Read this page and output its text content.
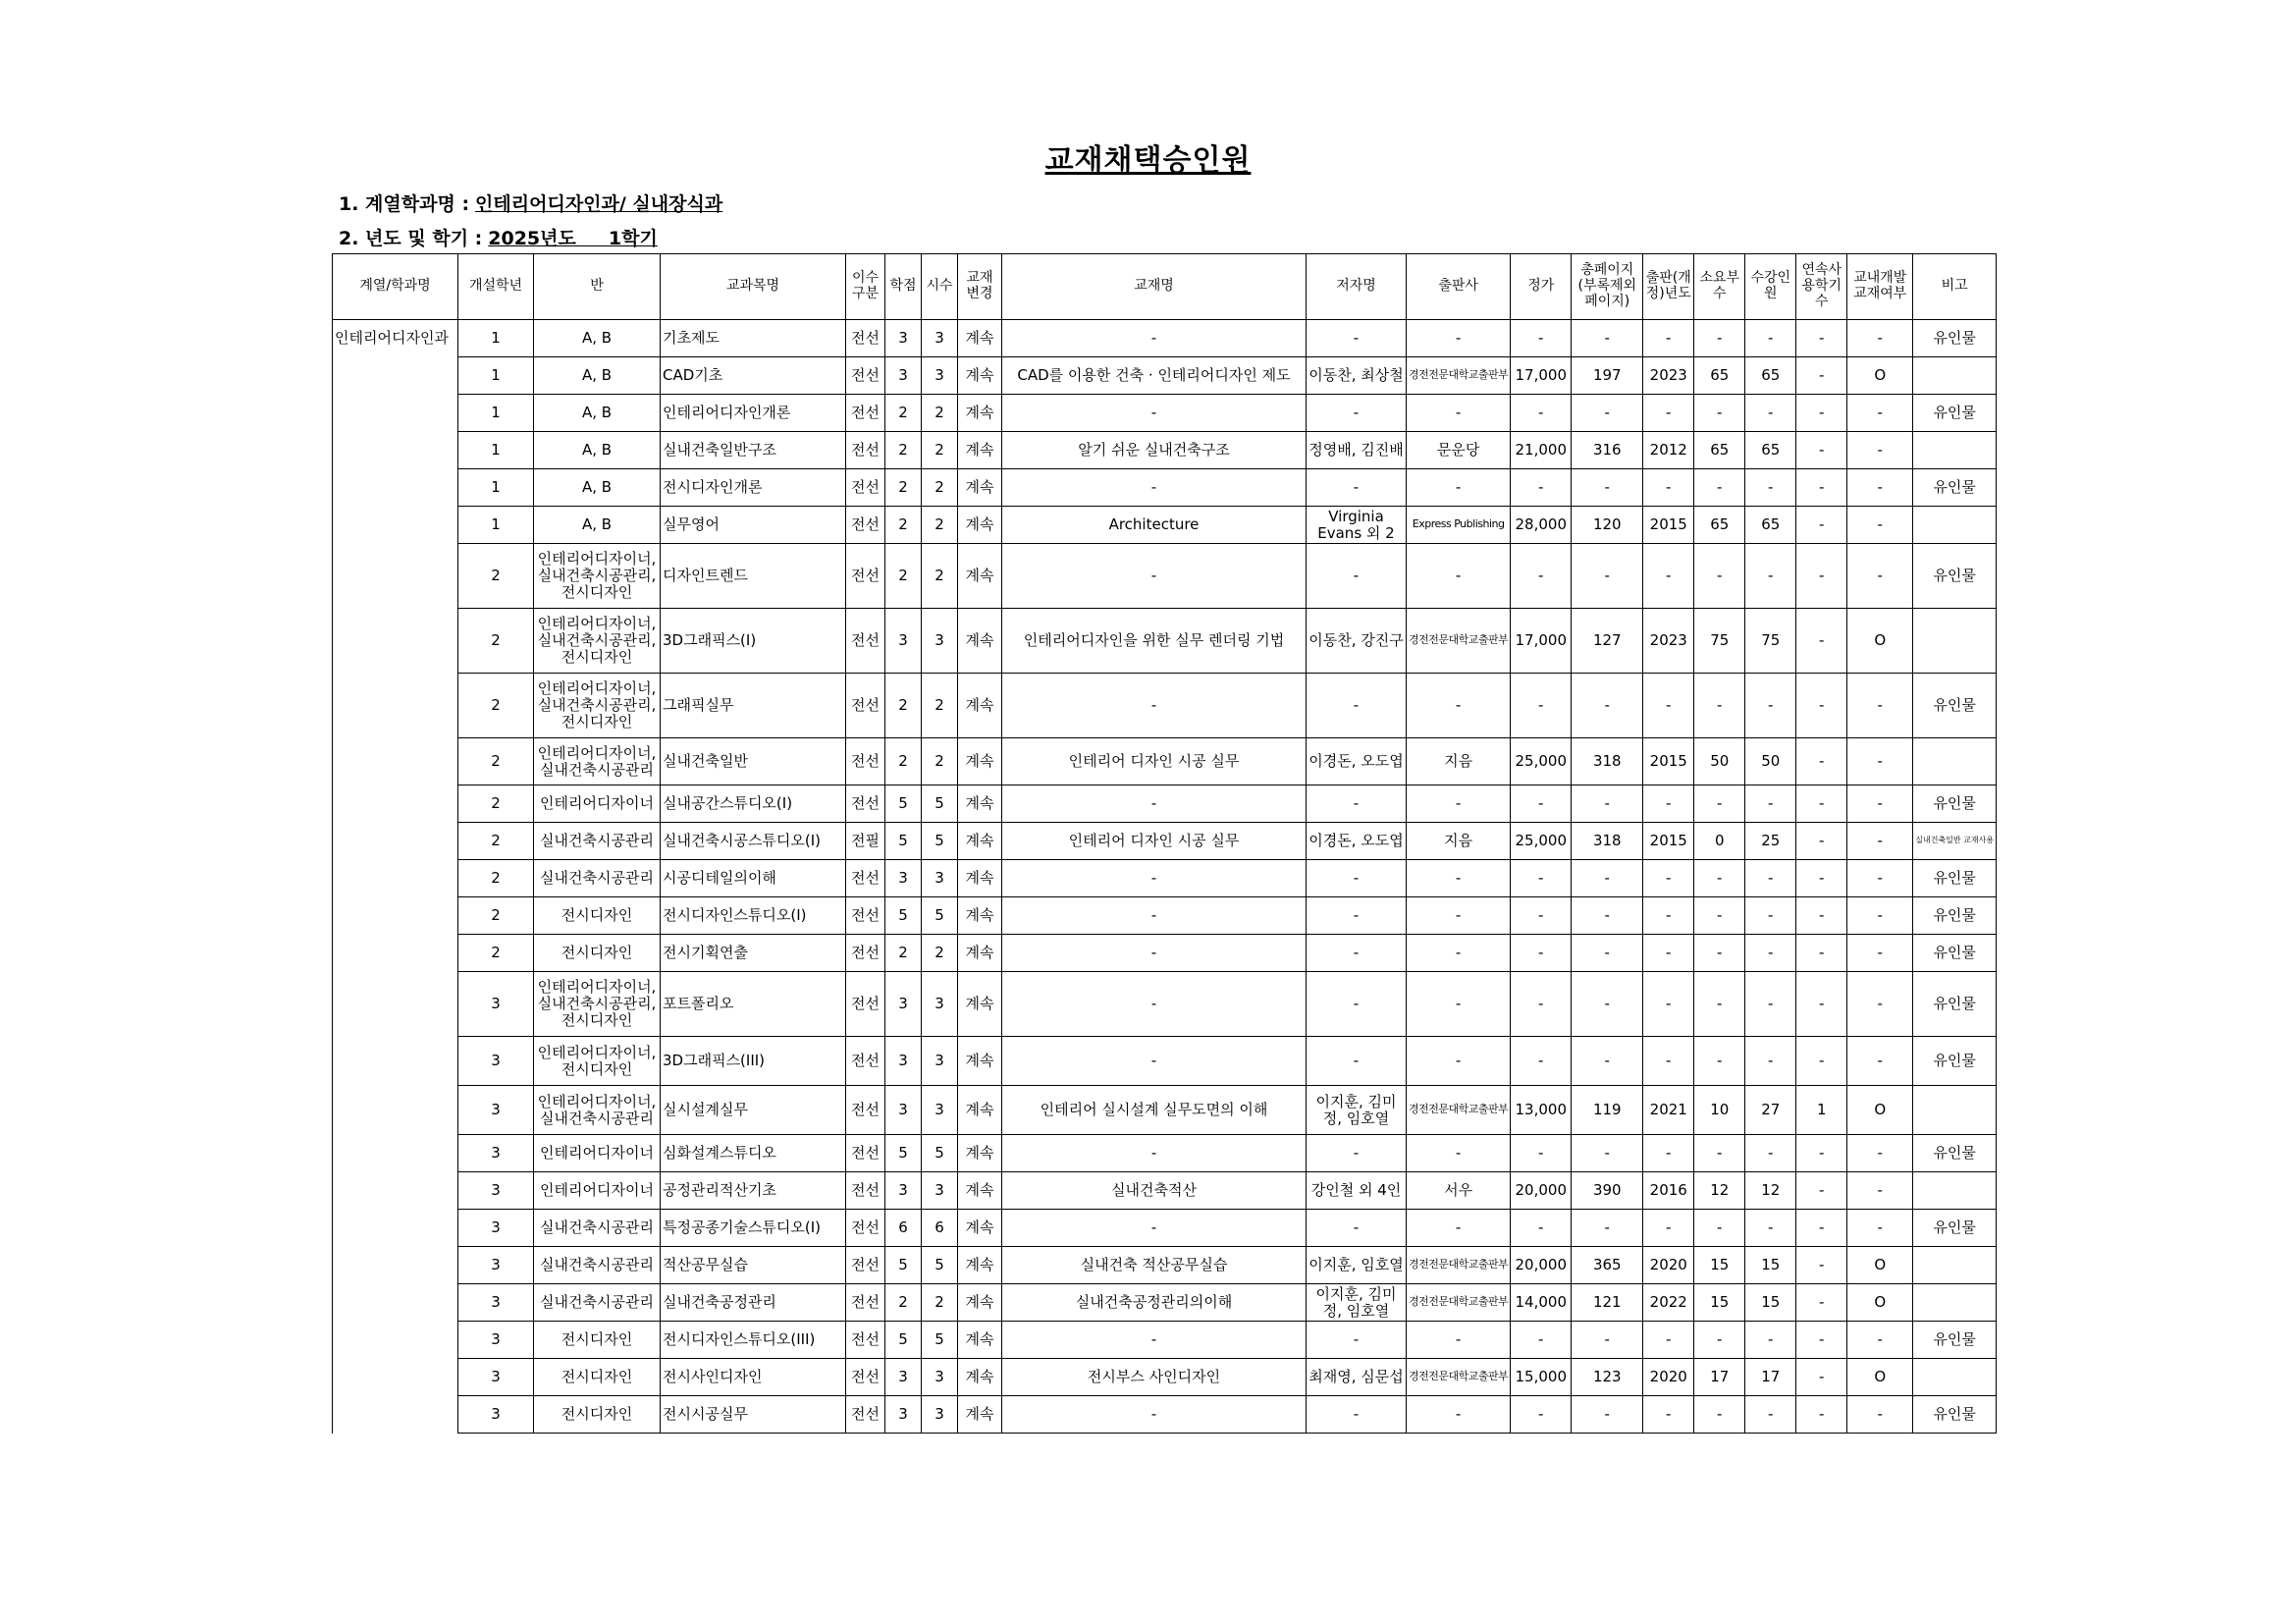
교재채택승인원
1. 계열학과명 : 인테리어디자인과/ 실내장식과
2. 년도 및 학기 : 2025년도     1학기
계열/학과명	개설학년	반	교과목명	이수구분	학점	시수	교재변경	교재명	저자명	출판사	정가	총페이지(부록제외 페이지)	출판(개정)년도	소요부수	수강인원	연속사용학기수	교내개발교재여부	비고
인테리어디자인과	1	A, B	기초제도	전선	3	3	계속	-	-	-	-	-	-	-	-	-	-	유인물
	1	A, B	CAD기초	전선	3	3	계속	CAD를 이용한 건축 · 인테리어디자인 제도	이동찬, 최상철	경전전문대학교출판부	17,000	197	2023	65	65	-	O	
	1	A, B	인테리어디자인개론	전선	2	2	계속	-	-	-	-	-	-	-	-	-	-	유인물
	1	A, B	실내건축일반구조	전선	2	2	계속	알기 쉬운 실내건축구조	정영배, 김진배	문운당	21,000	316	2012	65	65	-	-	
	1	A, B	전시디자인개론	전선	2	2	계속	-	-	-	-	-	-	-	-	-	-	유인물
	1	A, B	실무영어	전선	2	2	계속	Architecture	Virginia Evans 외 2	Express Publishing	28,000	120	2015	65	65	-	-	
	2	인테리어디자이너, 실내건축시공관리, 전시디자인	디자인트렌드	전선	2	2	계속	-	-	-	-	-	-	-	-	-	-	유인물
	2	인테리어디자이너, 실내건축시공관리, 전시디자인	3D그래픽스(I)	전선	3	3	계속	인테리어디자인을 위한 실무 렌더링 기법	이동찬, 강진구	경전전문대학교출판부	17,000	127	2023	75	75	-	O	
	2	인테리어디자이너, 실내건축시공관리, 전시디자인	그래픽실무	전선	2	2	계속	-	-	-	-	-	-	-	-	-	-	유인물
	2	인테리어디자이너, 실내건축시공관리	실내건축일반	전선	2	2	계속	인테리어 디자인 시공 실무	이경돈, 오도엽	지음	25,000	318	2015	50	50	-	-	
	2	인테리어디자이너	실내공간스튜디오(I)	전선	5	5	계속	-	-	-	-	-	-	-	-	-	-	유인물
	2	실내건축시공관리	실내건축시공스튜디오(I)	전필	5	5	계속	인테리어 디자인 시공 실무	이경돈, 오도엽	지음	25,000	318	2015	0	25	-	-	실내건축일반 교재사용
	2	실내건축시공관리	시공디테일의이해	전선	3	3	계속	-	-	-	-	-	-	-	-	-	-	유인물
	2	전시디자인	전시디자인스튜디오(I)	전선	5	5	계속	-	-	-	-	-	-	-	-	-	-	유인물
	2	전시디자인	전시기획연출	전선	2	2	계속	-	-	-	-	-	-	-	-	-	-	유인물
	3	인테리어디자이너, 실내건축시공관리, 전시디자인	포트폴리오	전선	3	3	계속	-	-	-	-	-	-	-	-	-	-	유인물
	3	인테리어디자이너, 전시디자인	3D그래픽스(III)	전선	3	3	계속	-	-	-	-	-	-	-	-	-	-	유인물
	3	인테리어디자이너, 실내건축시공관리	실시설계실무	전선	3	3	계속	인테리어 실시설계 실무도면의 이해	이지훈, 김미정, 임호열	경전전문대학교출판부	13,000	119	2021	10	27	1	O	
	3	인테리어디자이너	심화설계스튜디오	전선	5	5	계속	-	-	-	-	-	-	-	-	-	-	유인물
	3	인테리어디자이너	공정관리적산기초	전선	3	3	계속	실내건축적산	강인철 외 4인	서우	20,000	390	2016	12	12	-	-	
	3	실내건축시공관리	특정공종기술스튜디오(Ⅰ)	전선	6	6	계속	-	-	-	-	-	-	-	-	-	-	유인물
	3	실내건축시공관리	적산공무실습	전선	5	5	계속	실내건축 적산공무실습	이지훈, 임호열	경전전문대학교출판부	20,000	365	2020	15	15	-	O	
	3	실내건축시공관리	실내건축공정관리	전선	2	2	계속	실내건축공정관리의이해	이지훈, 김미정, 임호열	경전전문대학교출판부	14,000	121	2022	15	15	-	O	
	3	전시디자인	전시디자인스튜디오(III)	전선	5	5	계속	-	-	-	-	-	-	-	-	-	-	유인물
	3	전시디자인	전시사인디자인	전선	3	3	계속	전시부스 사인디자인	최재영, 심문섭	경전전문대학교출판부	15,000	123	2020	17	17	-	O	
	3	전시디자인	전시시공실무	전선	3	3	계속	-	-	-	-	-	-	-	-	-	-	유인물
